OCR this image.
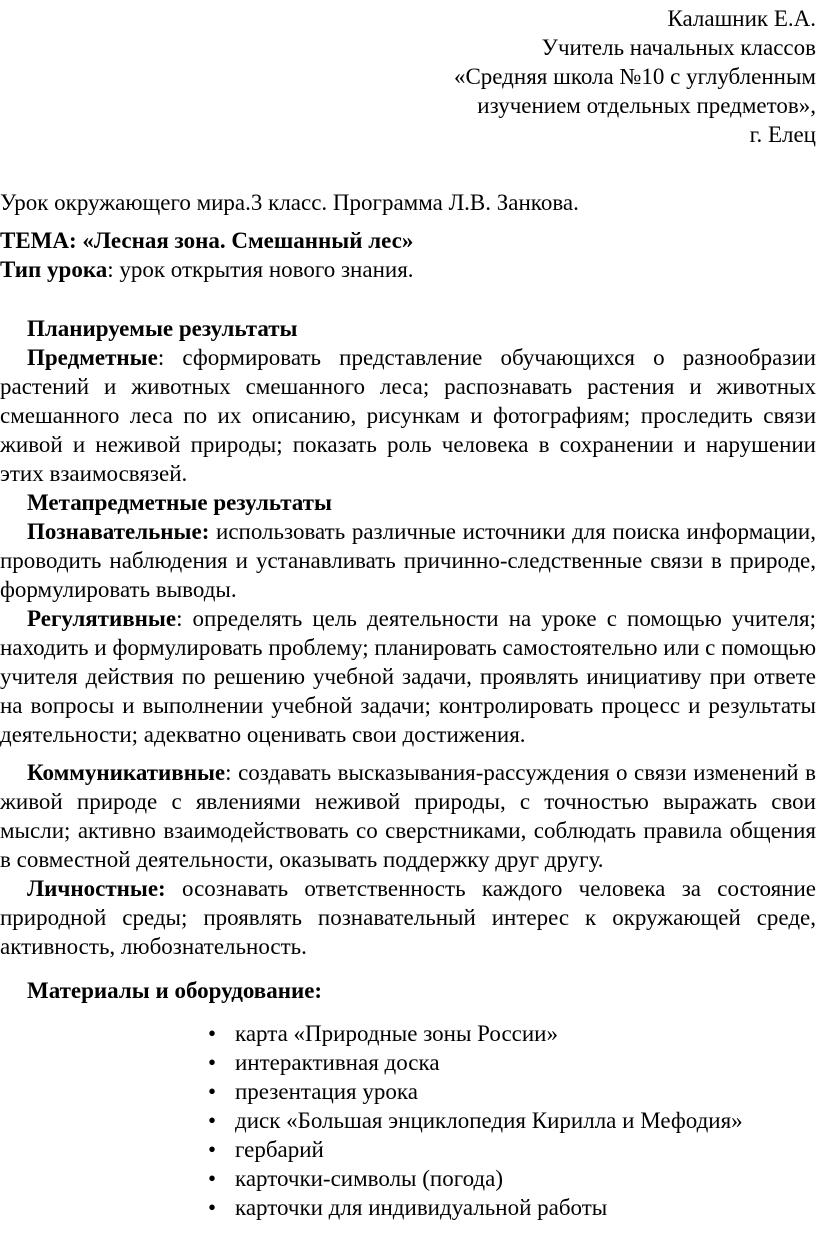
Калашник Е.А.
Учитель начальных классов
«Средняя школа №10 с углубленным
изучением отдельных предметов»,
г. Елец
Урок окружающего мира.3 класс. Программа Л.В. Занкова.
ТЕМА: «Лесная зона. Смешанный лес»
Тип урока: урок открытия нового знания.
Планируемые результаты

Предметные: сформировать представление обучающихся о разнообразии растений и животных смешанного леса; распознавать растения и животных смешанного леса по их описанию, рисункам и фотографиям; проследить связи живой и неживой природы; показать роль человека в сохранении и нарушении этих взаимосвязей.

Метапредметные результаты

Познавательные: использовать различные источники для поиска информации, проводить наблюдения и устанавливать причинно-следственные связи в природе, формулировать выводы.

Регулятивные: определять цель деятельности на уроке с помощью учителя; находить и формулировать проблему; планировать самостоятельно или с помощью учителя действия по решению учебной задачи, проявлять инициативу при ответе на вопросы и выполнении учебной задачи; контролировать процесс и результаты деятельности; адекватно оценивать свои достижения.

Коммуникативные: создавать высказывания-рассуждения о связи изменений в живой природе с явлениями неживой природы, с точностью выражать свои мысли; активно взаимодействовать со сверстниками, соблюдать правила общения в совместной деятельности, оказывать поддержку друг другу.

Личностные: осознавать ответственность каждого человека за состояние природной среды; проявлять познавательный интерес к окружающей среде, активность, любознательность.

Материалы и оборудование:
• карта «Природные зоны России»
• интерактивная доска
• презентация урока
• диск «Большая энциклопедия Кирилла и Мефодия»
• гербарий
• карточки-символы (погода)
• карточки для индивидуальной работы
